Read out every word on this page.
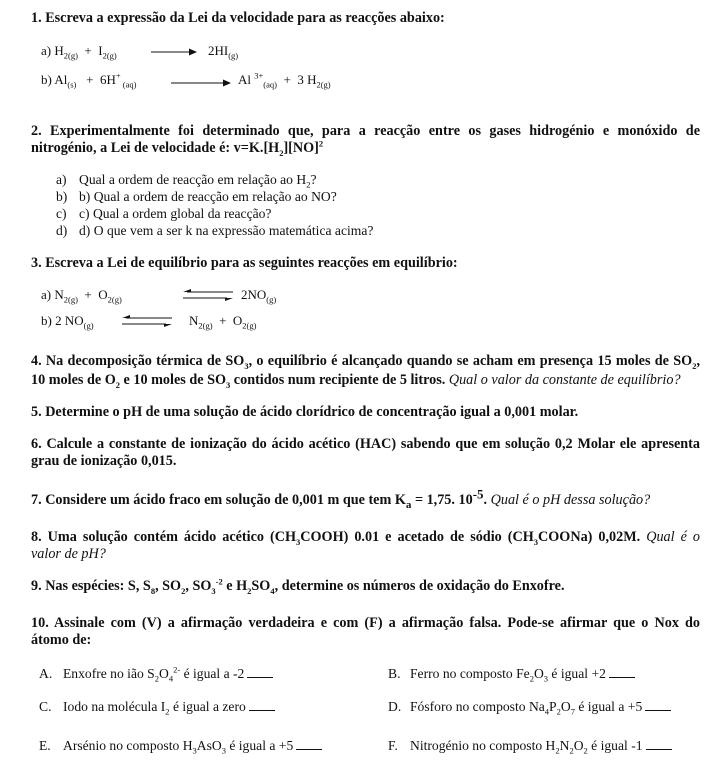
1. Escreva a expressão da Lei da velocidade para as reacções abaixo:
a) $H_{2(g)} + I_{2(g)}$	$2HI_{(g)}$
b) $Al_{(s)} + 6H^+$ $_{(aq)}$	Al $^{3+}_{(aq)}$  +  3 $H_{2(g)}$
2. Experimentalmente foi determinado que, para a reacção entre os gases hidrogénio e monóxido de
nitrogénio, a Lei de velocidade é: $v=K.[H_2][NO]^2$
a) Qual a ordem de reacção em relação ao $H_2$?
b) b) Qual a ordem de reacção em relação ao NO?
c) c) Qual a ordem global da reacção?
d) d) O que vem a ser k na expressão matemática acima?
3. Escreva a Lei de equilíbrio para as seguintes reacções em equilíbrio:
a) $N_{2(g)} + O_{2(g)}$	$2NO_{(g)}$
b) 2 $NO_{(g)}$	$N_{2(g)} + O_{2(g)}$
4. Na decomposição térmica de $SO_3$, o equilíbrio é alcançado quando se acham em presença 15 moles de $SO_2$,
10 moles de $O_2$ e 10 moles de $SO_3$ contidos num recipiente de 5 litros. Qual o valor da constante de equilíbrio?
5. Determine o pH de uma solução de ácido clorídrico de concentração igual a 0,001 molar.
6. Calcule a constante de ionização do ácido acético (HAC) sabendo que em solução 0,2 Molar ele apresenta
grau de ionização 0,015.
7. Considere um ácido fraco em solução de 0,001 m que tem $K_a = 1,75$. $10^{-5}$. Qual é o pH dessa solução?
8. Uma solução contém ácido acético $(CH_3COOH)$ 0.01 e acetado de sódio $(CH_3COONa)$ 0,02M. Qual é o
valor de pH?
9. Nas espécies: S, $S_8$, $SO_2$, $SO_3^{-2}$ e $H_2SO_4$, determine os números de oxidação do Enxofre.
10. Assinale com (V) a afirmação verdadeira e com (F) a afirmação falsa. Pode-se afirmar que o Nox do
átomo de:
A. Enxofre no ião $S_2O_4^{2-}$ é igual a -2	B. Ferro no composto $Fe_2O_3$ é igual +2
C. Iodo na molécula $I_2$ é igual a zero	D. Fósforo no composto $Na_4P_2O_7$ é igual a +5
E. Arsénio no composto $H_3AsO_3$ é igual a +5	F. Nitrogénio no composto $H_2N_2O_2$ é igual -1
